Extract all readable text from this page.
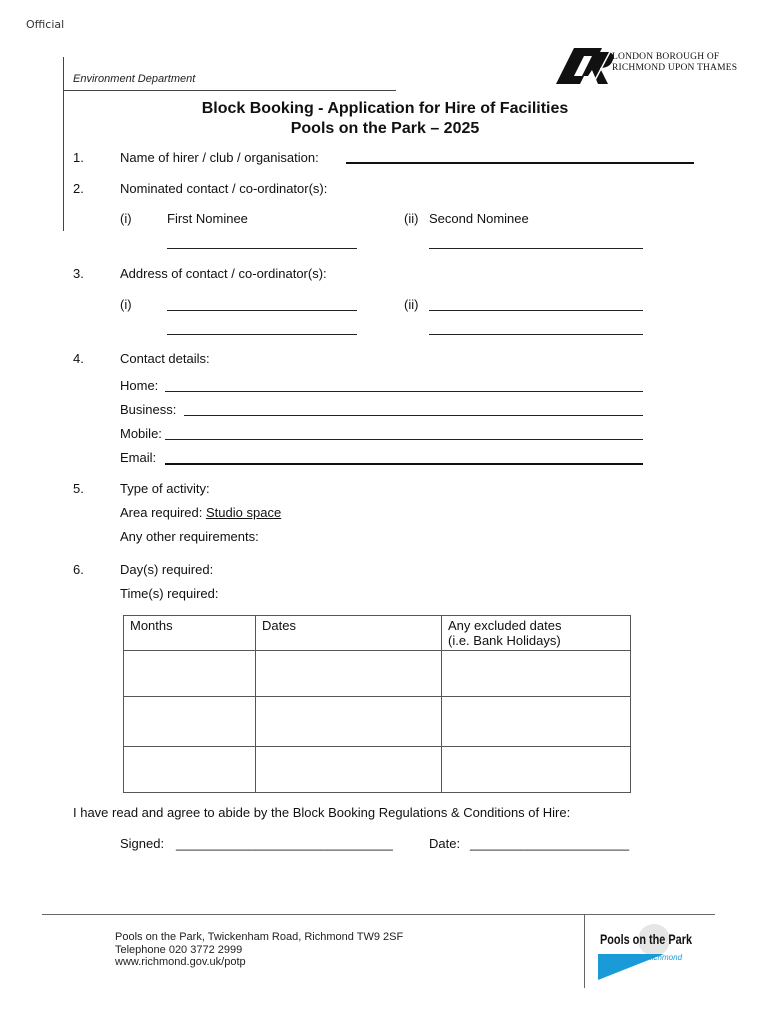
Official
Environment Department
LONDON BOROUGH OF
RICHMOND UPON THAMES
Block Booking - Application for Hire of Facilities
Pools on the Park – 2025
1.	Name of hirer / club / organisation:
2.	Nominated contact / co-ordinator(s):
(i)	First Nominee	(ii) Second Nominee
3.	Address of contact / co-ordinator(s):
(i)	(ii)
4.	Contact details:
Home:
Business:
Mobile:
Email:
5.	Type of activity:
Area required: Studio space
Any other requirements:
6.	Day(s) required:
Time(s) required:
Months	Dates	Any excluded dates
(i.e. Bank Holidays)

I have read and agree to abide by the Block Booking Regulations & Conditions of Hire:
Signed: ______________________________	Date: ______________________
Pools on the Park, Twickenham Road, Richmond TW9 2SF
Telephone 020 3772 2999
www.richmond.gov.uk/potp
Pools on the Park
Richmond
